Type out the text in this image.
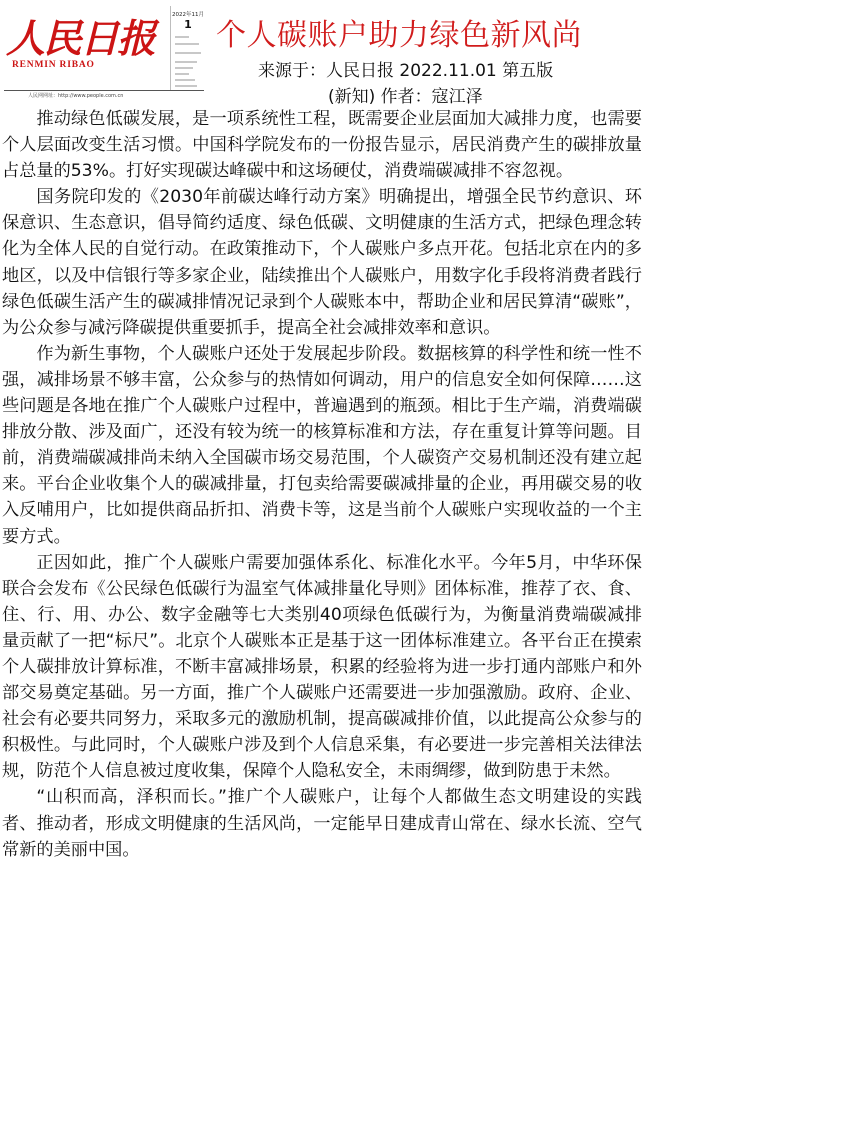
人民日报
RENMIN RIBAO
2022年11月
1
人民网网址：http://www.people.com.cn
个人碳账户助力绿色新风尚
来源于：人民日报 2022.11.01 第五版
(新知) 作者：寇江泽

推动绿色低碳发展，是一项系统性工程，既需要企业层面加大减排力度，也需要个人层面改变生活习惯。中国科学院发布的一份报告显示，居民消费产生的碳排放量占总量的53%。打好实现碳达峰碳中和这场硬仗，消费端碳减排不容忽视。

国务院印发的《2030年前碳达峰行动方案》明确提出，增强全民节约意识、环保意识、生态意识，倡导简约适度、绿色低碳、文明健康的生活方式，把绿色理念转化为全体人民的自觉行动。在政策推动下，个人碳账户多点开花。包括北京在内的多地区，以及中信银行等多家企业，陆续推出个人碳账户，用数字化手段将消费者践行绿色低碳生活产生的碳减排情况记录到个人碳账本中，帮助企业和居民算清“碳账”，为公众参与减污降碳提供重要抓手，提高全社会减排效率和意识。

作为新生事物，个人碳账户还处于发展起步阶段。数据核算的科学性和统一性不强，减排场景不够丰富，公众参与的热情如何调动，用户的信息安全如何保障……这些问题是各地在推广个人碳账户过程中，普遍遇到的瓶颈。相比于生产端，消费端碳排放分散、涉及面广，还没有较为统一的核算标准和方法，存在重复计算等问题。目前，消费端碳减排尚未纳入全国碳市场交易范围，个人碳资产交易机制还没有建立起来。平台企业收集个人的碳减排量，打包卖给需要碳减排量的企业，再用碳交易的收入反哺用户，比如提供商品折扣、消费卡等，这是当前个人碳账户实现收益的一个主要方式。

正因如此，推广个人碳账户需要加强体系化、标准化水平。今年5月，中华环保联合会发布《公民绿色低碳行为温室气体减排量化导则》团体标准，推荐了衣、食、住、行、用、办公、数字金融等七大类别40项绿色低碳行为，为衡量消费端碳减排量贡献了一把“标尺”。北京个人碳账本正是基于这一团体标准建立。各平台正在摸索个人碳排放计算标准，不断丰富减排场景，积累的经验将为进一步打通内部账户和外部交易奠定基础。另一方面，推广个人碳账户还需要进一步加强激励。政府、企业、社会有必要共同努力，采取多元的激励机制，提高碳减排价值，以此提高公众参与的积极性。与此同时，个人碳账户涉及到个人信息采集，有必要进一步完善相关法律法规，防范个人信息被过度收集，保障个人隐私安全，未雨绸缪，做到防患于未然。

“山积而高，泽积而长。”推广个人碳账户，让每个人都做生态文明建设的实践者、推动者，形成文明健康的生活风尚，一定能早日建成青山常在、绿水长流、空气常新的美丽中国。
